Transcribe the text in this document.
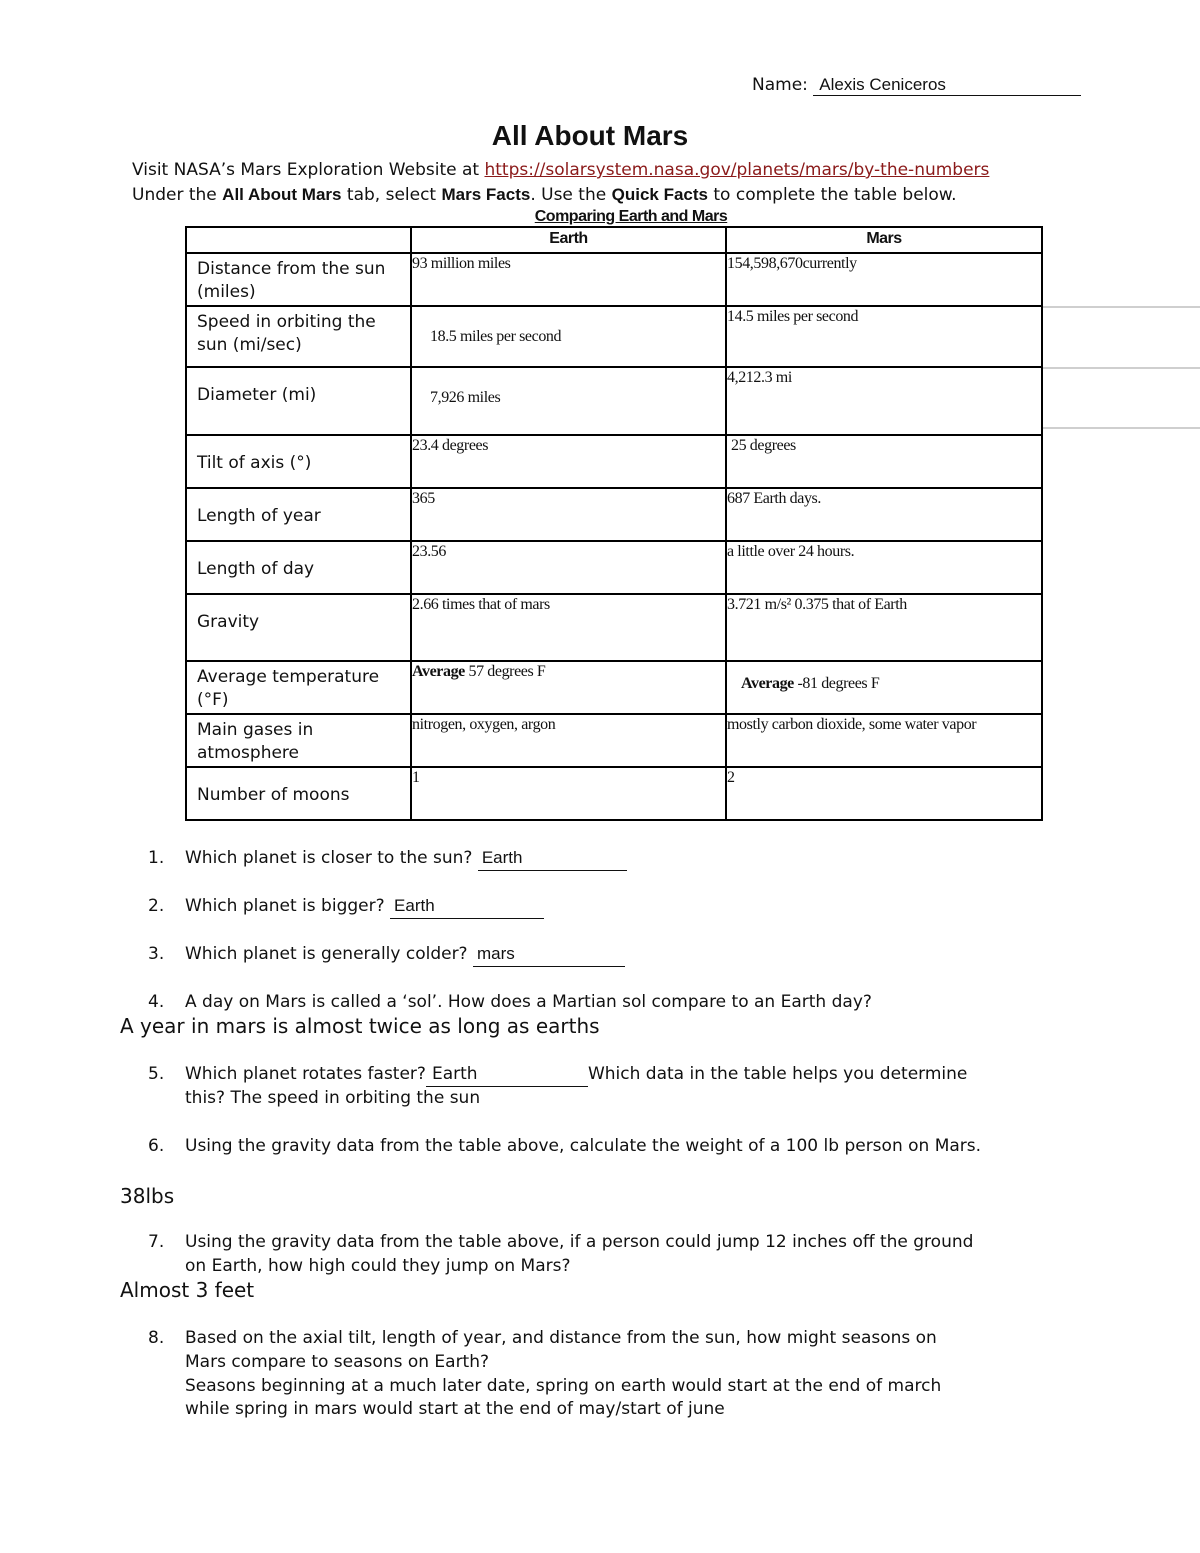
Name: Alexis Ceniceros
All About Mars
Visit NASA’s Mars Exploration Website at https://solarsystem.nasa.gov/planets/mars/by-the-numbers
Under the All About Mars tab, select Mars Facts. Use the Quick Facts to complete the table below.
Comparing Earth and Mars
	Earth	Mars
Distance from the sun (miles)	93 million miles	154,598,670currently
Speed in orbiting the sun (mi/sec)	18.5 miles per second	14.5 miles per second
Diameter (mi)	7,926 miles	4,212.3 mi
Tilt of axis (°)	23.4 degrees	25 degrees
Length of year	365	687 Earth days.
Length of day	23.56	a little over 24 hours.
Gravity	2.66 times that of mars	3.721 m/s² 0.375 that of Earth
Average temperature (°F)	Average 57 degrees F	Average -81 degrees F
Main gases in atmosphere	nitrogen, oxygen, argon	mostly carbon dioxide, some water vapor
Number of moons	1	2
1. Which planet is closer to the sun? Earth
2. Which planet is bigger? Earth
3. Which planet is generally colder? mars
4. A day on Mars is called a ‘sol’. How does a Martian sol compare to an Earth day?
A year in mars is almost twice as long as earths
5. Which planet rotates faster? Earth	Which data in the table helps you determine
this? The speed in orbiting the sun
6. Using the gravity data from the table above, calculate the weight of a 100 lb person on Mars.
38lbs
7. Using the gravity data from the table above, if a person could jump 12 inches off the ground
on Earth, how high could they jump on Mars?
Almost 3 feet
8. Based on the axial tilt, length of year, and distance from the sun, how might seasons on
Mars compare to seasons on Earth?
Seasons beginning at a much later date, spring on earth would start at the end of march
while spring in mars would start at the end of may/start of june
